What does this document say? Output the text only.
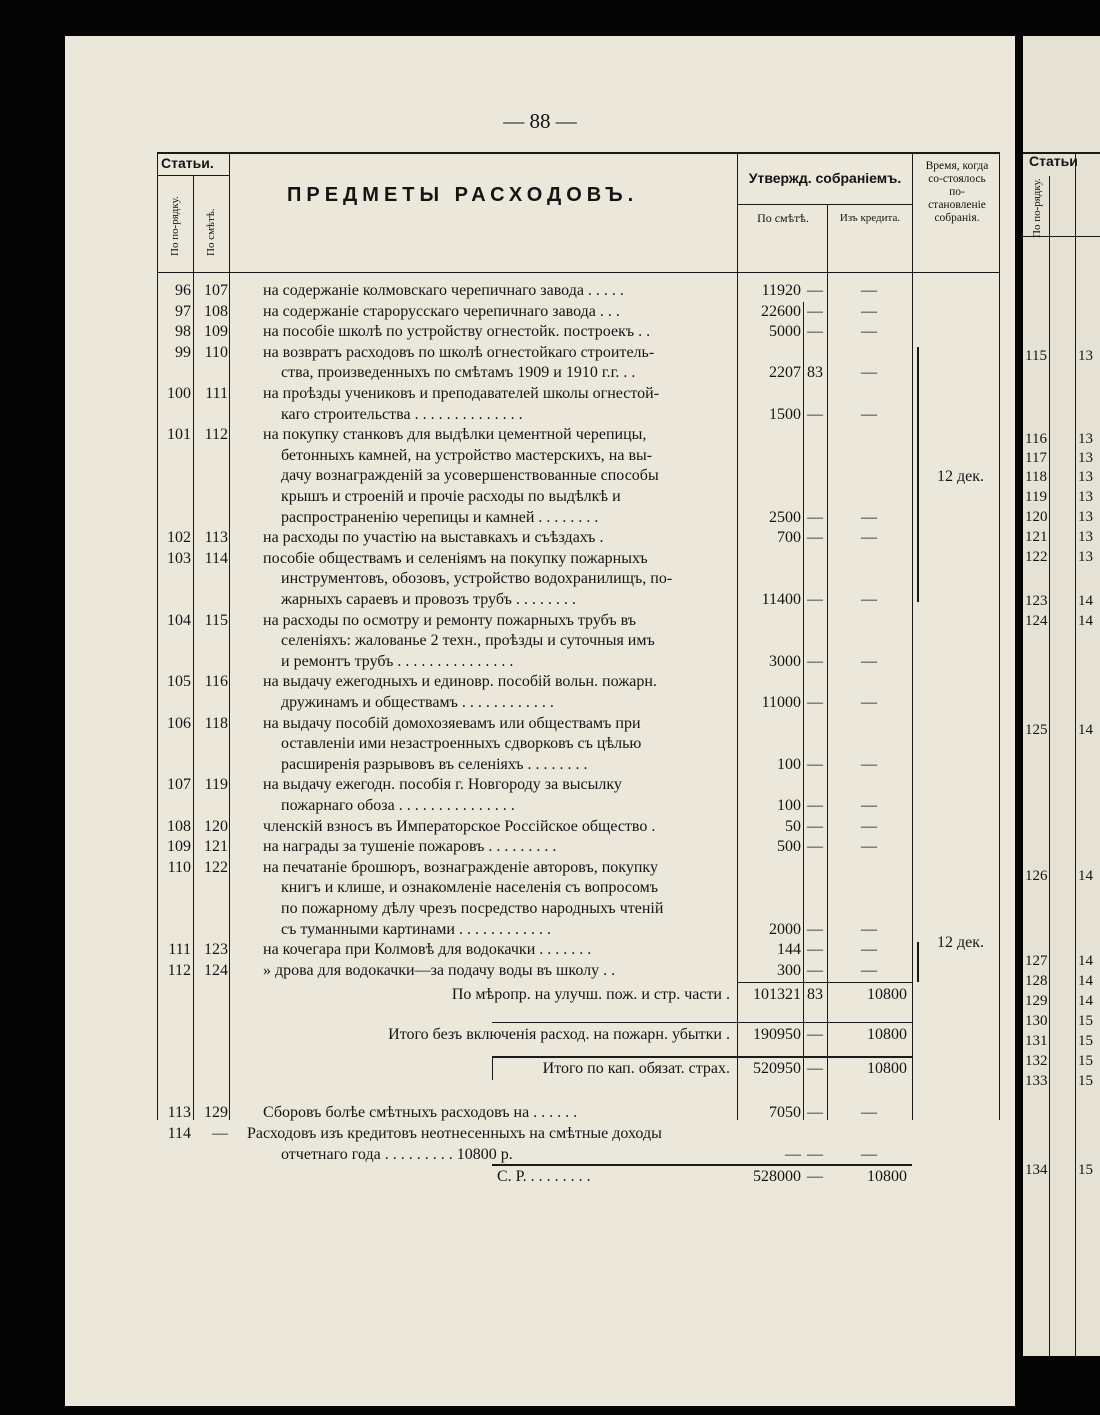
— 88 —
Статьи.
По по-рядку. По смѣтѣ.
ПРЕДМЕТЫ РАСХОДОВЪ.
Утвержд. собраніемъ.
По смѣтѣ.	Изъ кредита.
Время, когда со-стоялось по-становленіе собранія.
96 107 на содержаніе колмовскаго черепичнаго завода . . . . .	11920 —	—
97 108 на содержаніе старорусскаго черепичнаго завода . . .	22600 —	—
98 109 на пособіе школѣ по устройству огнестойк. построекъ . .	5000 —	—
99 110 на возвратъ расходовъ по школѣ огнестойкаго строитель-
ства, произведенныхъ по смѣтамъ 1909 и 1910 г.г. . .	2207 83	—
100 111 на проѣзды учениковъ и преподавателей школы огнестой-
каго строительства . . . . . . . . . . . . . .	1500 —	—
101 112 на покупку станковъ для выдѣлки цементной черепицы,
бетонныхъ камней, на устройство мастерскихъ, на вы-
дачу вознагражденій за усовершенствованные способы
крышъ и строеній и прочіе расходы по выдѣлкѣ и
распространенію черепицы и камней . . . . . . . .	2500 —	—
102 113 на расходы по участію на выставкахъ и съѣздахъ .	700 —	—
103 114 пособіе обществамъ и селеніямъ на покупку пожарныхъ
инструментовъ, обозовъ, устройство водохранилищъ, по-
жарныхъ сараевъ и провозъ трубъ . . . . . . . .	11400 —	—
104 115 на расходы по осмотру и ремонту пожарныхъ трубъ въ
селеніяхъ: жалованье 2 техн., проѣзды и суточныя имъ
и ремонтъ трубъ . . . . . . . . . . . . . . .	3000 —	—
105 116 на выдачу ежегодныхъ и единовр. пособій вольн. пожарн.
дружинамъ и обществамъ . . . . . . . . . . . .	11000 —	—
106 118 на выдачу пособій домохозяевамъ или обществамъ при
оставленіи ими незастроенныхъ сдворковъ съ цѣлью
расширенія разрывовъ въ селеніяхъ . . . . . . . .	100 —	—
107 119 на выдачу ежегодн. пособія г. Новгороду за высылку
пожарнаго обоза . . . . . . . . . . . . . . .	100 —	—
108 120 членскій взносъ въ Императорское Россійское общество .	50 —	—
109 121 на награды за тушеніе пожаровъ . . . . . . . . .	500 —	—
110 122 на печатаніе брошюръ, вознагражденіе авторовъ, покупку
книгъ и клише, и ознакомленіе населенія съ вопросомъ
по пожарному дѣлу чрезъ посредство народныхъ чтеній
съ туманными картинами . . . . . . . . . . . .	2000 —	—
111 123 на кочегара при Колмовѣ для водокачки . . . . . . .	144 —	—
112 124 » дрова для водокачки—за подачу воды въ школу . .	300 —	—
По мѣропр. на улучш. пож. и стр. части .	101321 83	10800
Итого безъ включенія расход. на пожарн. убытки .	190950 —	10800
Итого по кап. обязат. страх.	520950 —	10800
113 129 Сборовъ болѣе смѣтныхъ расходовъ на . . . . . .	7050 —	—
114	— Расходовъ изъ кредитовъ неотнесенныхъ на смѣтные доходы
отчетнаго года . . . . . . . . . 10800 р.	— —	—
С. Р. . . . . . . . .	528000 —	10800
12 дек.
12 дек.
Статьи
По по-рядку.
115 13
116 13
117 13
118 13
119 13
120 13
121 13
122 13
123 14
124 14
125 14
126 14
127 14
128 14
129 14
130 15
131 15
132 15
133 15
134 15
